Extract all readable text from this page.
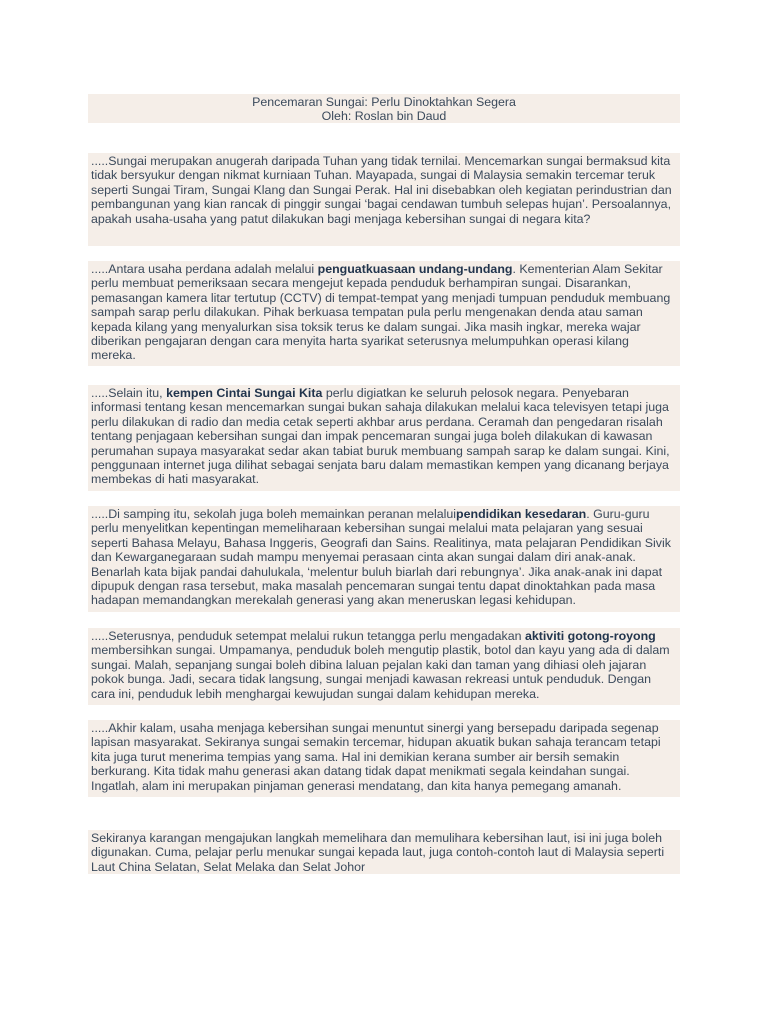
Pencemaran Sungai: Perlu Dinoktahkan Segera
Oleh: Roslan bin Daud
.....Sungai merupakan anugerah daripada Tuhan yang tidak ternilai. Mencemarkan sungai bermaksud kita tidak bersyukur dengan nikmat kurniaan Tuhan. Mayapada, sungai di Malaysia semakin tercemar teruk seperti Sungai Tiram, Sungai Klang dan Sungai Perak. Hal ini disebabkan oleh kegiatan perindustrian dan pembangunan yang kian rancak di pinggir sungai ‘bagai cendawan tumbuh selepas hujan’. Persoalannya, apakah usaha-usaha yang patut dilakukan bagi menjaga kebersihan sungai di negara kita?
.....Antara usaha perdana adalah melalui penguatkuasaan undang-undang. Kementerian Alam Sekitar perlu membuat pemeriksaan secara mengejut kepada penduduk berhampiran sungai. Disarankan, pemasangan kamera litar tertutup (CCTV) di tempat-tempat yang menjadi tumpuan penduduk membuang sampah sarap perlu dilakukan. Pihak berkuasa tempatan pula perlu mengenakan denda atau saman kepada kilang yang menyalurkan sisa toksik terus ke dalam sungai. Jika masih ingkar, mereka wajar diberikan pengajaran dengan cara menyita harta syarikat seterusnya melumpuhkan operasi kilang mereka.
.....Selain itu, kempen Cintai Sungai Kita perlu digiatkan ke seluruh pelosok negara. Penyebaran informasi tentang kesan mencemarkan sungai bukan sahaja dilakukan melalui kaca televisyen tetapi juga perlu dilakukan di radio dan media cetak seperti akhbar arus perdana. Ceramah dan pengedaran risalah tentang penjagaan kebersihan sungai dan impak pencemaran sungai juga boleh dilakukan di kawasan perumahan supaya masyarakat sedar akan tabiat buruk membuang sampah sarap ke dalam sungai. Kini, penggunaan internet juga dilihat sebagai senjata baru dalam memastikan kempen yang dicanang berjaya membekas di hati masyarakat.
.....Di samping itu, sekolah juga boleh memainkan peranan melaluipendidikan kesedaran. Guru-guru perlu menyelitkan kepentingan memeliharaan kebersihan sungai melalui mata pelajaran yang sesuai seperti Bahasa Melayu, Bahasa Inggeris, Geografi dan Sains. Realitinya, mata pelajaran Pendidikan Sivik dan Kewarganegaraan sudah mampu menyemai perasaan cinta akan sungai dalam diri anak-anak. Benarlah kata bijak pandai dahulukala, ‘melentur buluh biarlah dari rebungnya’. Jika anak-anak ini dapat dipupuk dengan rasa tersebut, maka masalah pencemaran sungai tentu dapat dinoktahkan pada masa hadapan memandangkan merekalah generasi yang akan meneruskan legasi kehidupan.
.....Seterusnya, penduduk setempat melalui rukun tetangga perlu mengadakan aktiviti gotong-royong membersihkan sungai. Umpamanya, penduduk boleh mengutip plastik, botol dan kayu yang ada di dalam sungai. Malah, sepanjang sungai boleh dibina laluan pejalan kaki dan taman yang dihiasi oleh jajaran pokok bunga. Jadi, secara tidak langsung, sungai menjadi kawasan rekreasi untuk penduduk. Dengan cara ini, penduduk lebih menghargai kewujudan sungai dalam kehidupan mereka.
.....Akhir kalam, usaha menjaga kebersihan sungai menuntut sinergi yang bersepadu daripada segenap lapisan masyarakat. Sekiranya sungai semakin tercemar, hidupan akuatik bukan sahaja terancam tetapi kita juga turut menerima tempias yang sama. Hal ini demikian kerana sumber air bersih semakin berkurang. Kita tidak mahu generasi akan datang tidak dapat menikmati segala keindahan sungai. Ingatlah, alam ini merupakan pinjaman generasi mendatang, dan kita hanya pemegang amanah.
Sekiranya karangan mengajukan langkah memelihara dan memulihara kebersihan laut, isi ini juga boleh digunakan. Cuma, pelajar perlu menukar sungai kepada laut, juga contoh-contoh laut di Malaysia seperti Laut China Selatan, Selat Melaka dan Selat Johor
